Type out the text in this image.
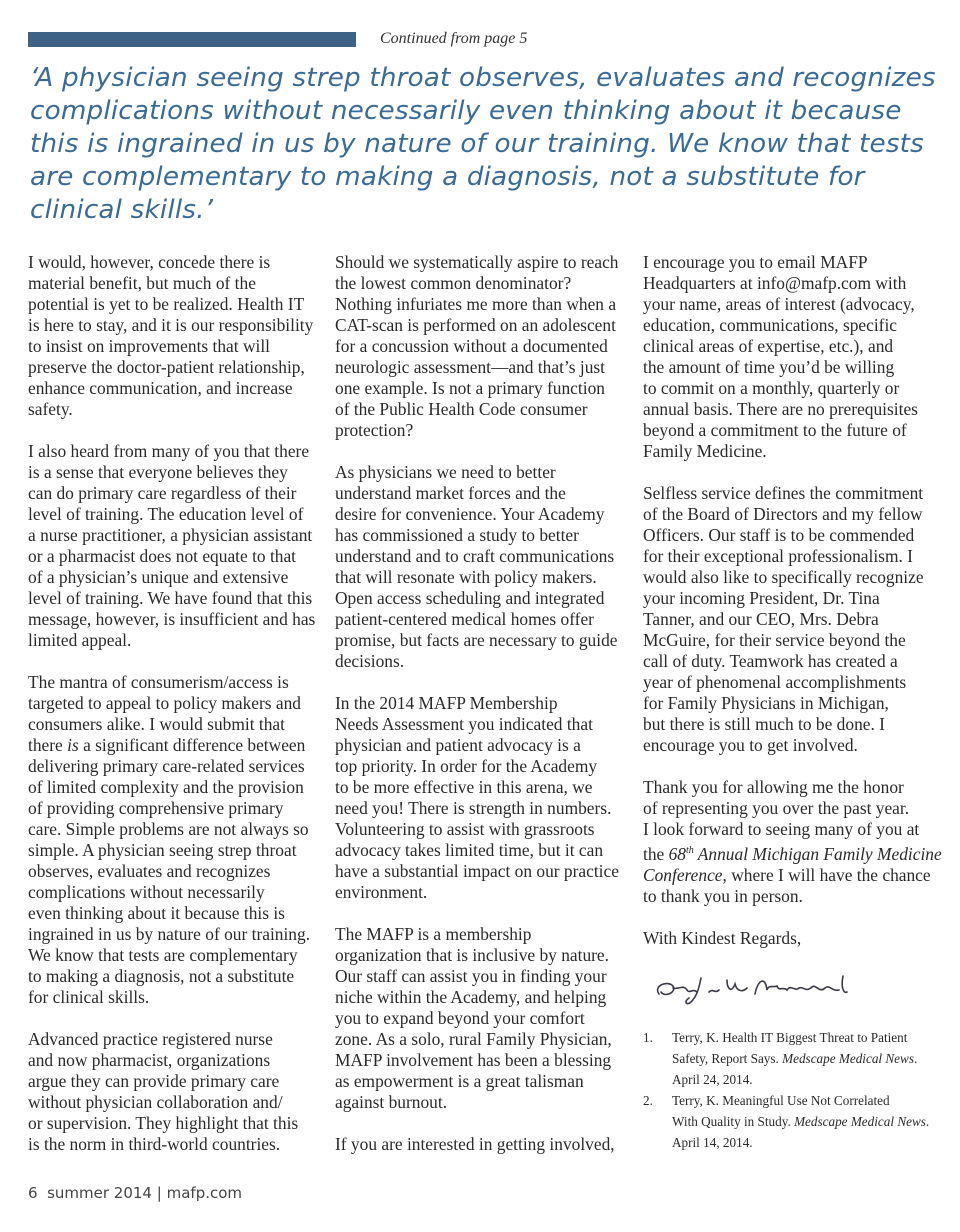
Continued from page 5

‘A physician seeing strep throat observes, evaluates and recognizes complications without necessarily even thinking about it because this is ingrained in us by nature of our training. We know that tests are complementary to making a diagnosis, not a substitute for clinical skills.’

I would, however, concede there is
material benefit, but much of the
potential is yet to be realized. Health IT
is here to stay, and it is our responsibility
to insist on improvements that will
preserve the doctor-patient relationship,
enhance communication, and increase
safety.

I also heard from many of you that there
is a sense that everyone believes they
can do primary care regardless of their
level of training. The education level of
a nurse practitioner, a physician assistant
or a pharmacist does not equate to that
of a physician’s unique and extensive
level of training. We have found that this
message, however, is insufficient and has
limited appeal.

The mantra of consumerism/access is
targeted to appeal to policy makers and
consumers alike. I would submit that
there is a significant difference between
delivering primary care-related services
of limited complexity and the provision
of providing comprehensive primary
care. Simple problems are not always so
simple. A physician seeing strep throat
observes, evaluates and recognizes
complications without necessarily
even thinking about it because this is
ingrained in us by nature of our training.
We know that tests are complementary
to making a diagnosis, not a substitute
for clinical skills.

Advanced practice registered nurse
and now pharmacist, organizations
argue they can provide primary care
without physician collaboration and/
or supervision. They highlight that this
is the norm in third-world countries.

Should we systematically aspire to reach
the lowest common denominator?
Nothing infuriates me more than when a
CAT-scan is performed on an adolescent
for a concussion without a documented
neurologic assessment—and that’s just
one example. Is not a primary function
of the Public Health Code consumer
protection?

As physicians we need to better
understand market forces and the
desire for convenience. Your Academy
has commissioned a study to better
understand and to craft communications
that will resonate with policy makers.
Open access scheduling and integrated
patient-centered medical homes offer
promise, but facts are necessary to guide
decisions.

In the 2014 MAFP Membership
Needs Assessment you indicated that
physician and patient advocacy is a
top priority. In order for the Academy
to be more effective in this arena, we
need you! There is strength in numbers.
Volunteering to assist with grassroots
advocacy takes limited time, but it can
have a substantial impact on our practice
environment.

The MAFP is a membership
organization that is inclusive by nature.
Our staff can assist you in finding your
niche within the Academy, and helping
you to expand beyond your comfort
zone. As a solo, rural Family Physician,
MAFP involvement has been a blessing
as empowerment is a great talisman
against burnout.

If you are interested in getting involved,

I encourage you to email MAFP
Headquarters at info@mafp.com with
your name, areas of interest (advocacy,
education, communications, specific
clinical areas of expertise, etc.), and
the amount of time you’d be willing
to commit on a monthly, quarterly or
annual basis. There are no prerequisites
beyond a commitment to the future of
Family Medicine.

Selfless service defines the commitment
of the Board of Directors and my fellow
Officers. Our staff is to be commended
for their exceptional professionalism. I
would also like to specifically recognize
your incoming President, Dr. Tina
Tanner, and our CEO, Mrs. Debra
McGuire, for their service beyond the
call of duty. Teamwork has created a
year of phenomenal accomplishments
for Family Physicians in Michigan,
but there is still much to be done. I
encourage you to get involved.

Thank you for allowing me the honor
of representing you over the past year.
I look forward to seeing many of you at
the 68th Annual Michigan Family Medicine
Conference, where I will have the chance
to thank you in person.

With Kindest Regards,

1.	Terry, K. Health IT Biggest Threat to Patient
Safety, Report Says. Medscape Medical News.
April 24, 2014.
2.	Terry, K. Meaningful Use Not Correlated
With Quality in Study. Medscape Medical News.
April 14, 2014.
6 summer 2014 | mafp.com
